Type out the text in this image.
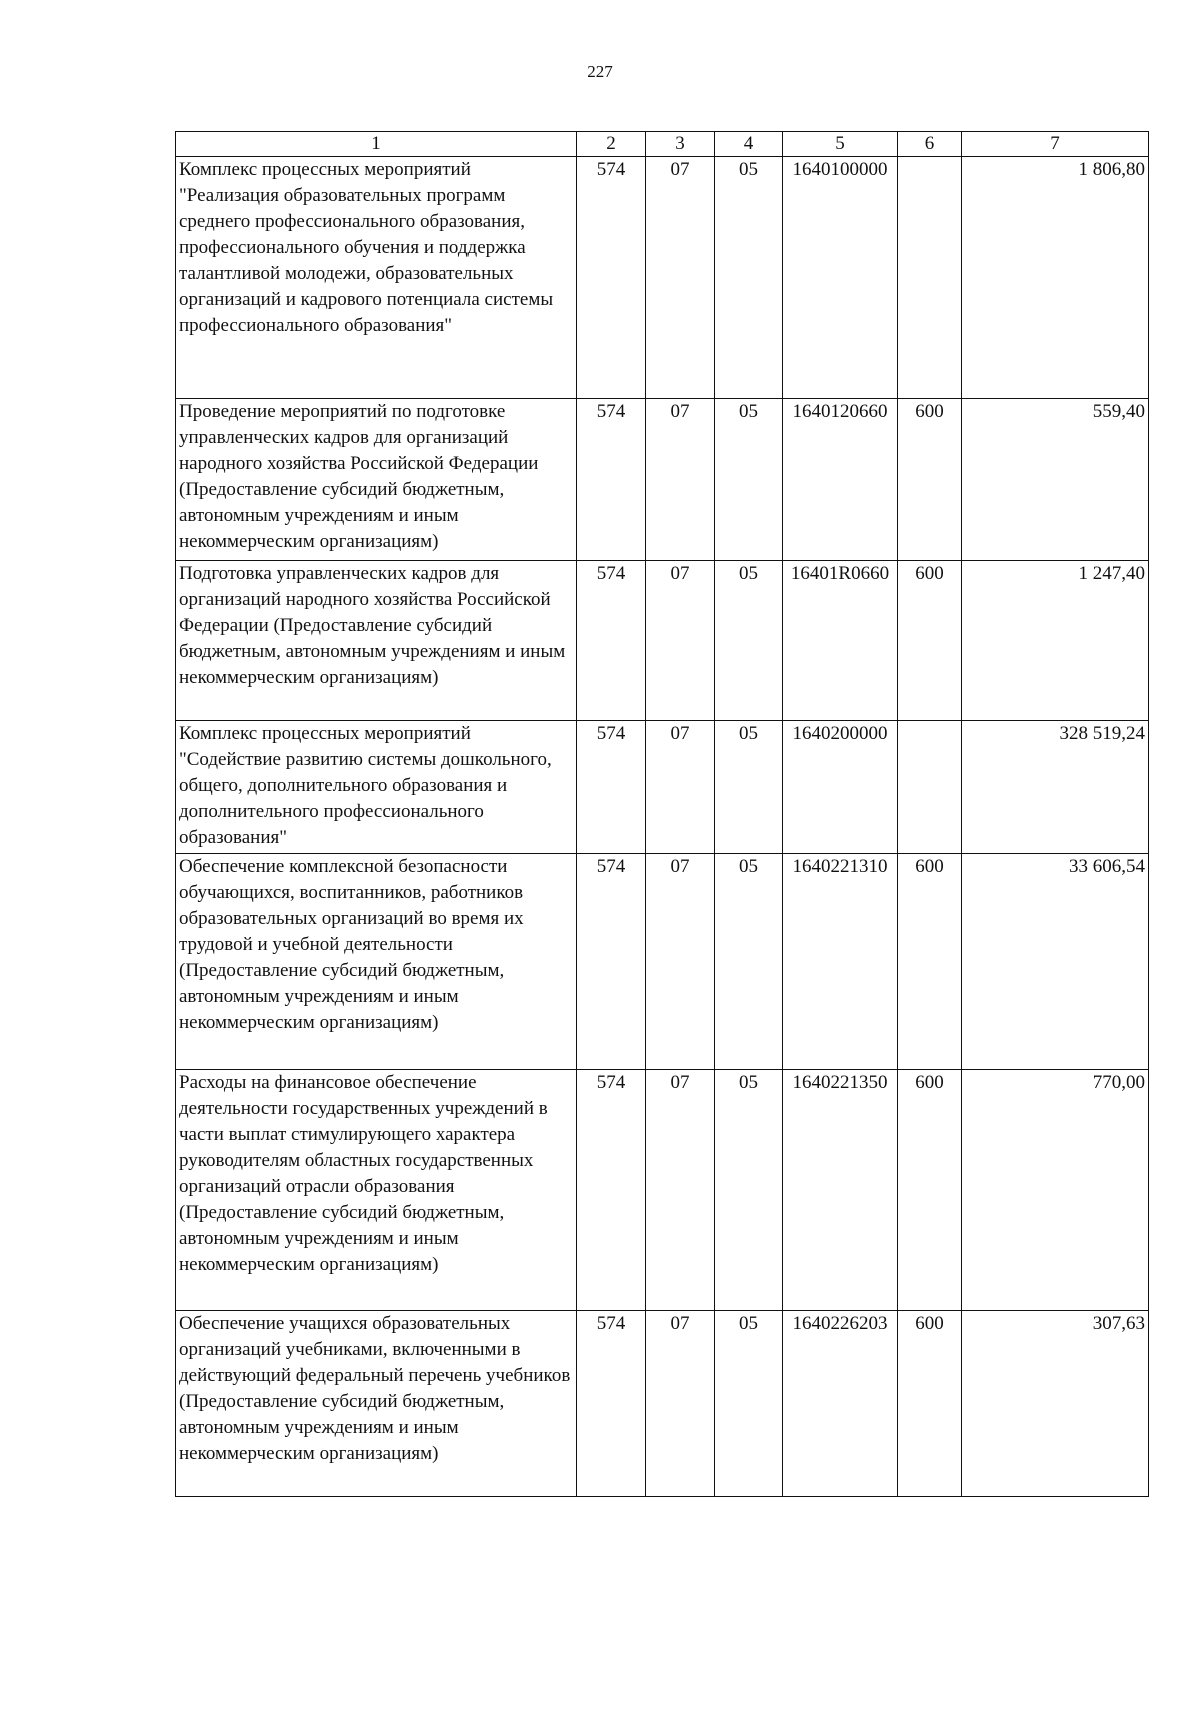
227
1	2	3	4	5	6	7
Комплекс процессных мероприятий "Реализация образовательных программ среднего профессионального образования, профессионального обучения и поддержка талантливой молодежи, образовательных организаций и кадрового потенциала системы профессионального образования"	574	07	05	1640100000		1 806,80
Проведение мероприятий по подготовке управленческих кадров для организаций народного хозяйства Российской Федерации (Предоставление субсидий бюджетным, автономным учреждениям и иным некоммерческим организациям)	574	07	05	1640120660	600	559,40
Подготовка управленческих кадров для организаций народного хозяйства Российской Федерации (Предоставление субсидий бюджетным, автономным учреждениям и иным некоммерческим организациям)	574	07	05	16401R0660	600	1 247,40
Комплекс процессных мероприятий "Содействие развитию системы дошкольного, общего, дополнительного образования и дополнительного профессионального образования"	574	07	05	1640200000		328 519,24
Обеспечение комплексной безопасности обучающихся, воспитанников, работников образовательных организаций во время их трудовой и учебной деятельности (Предоставление субсидий бюджетным, автономным учреждениям и иным некоммерческим организациям)	574	07	05	1640221310	600	33 606,54
Расходы на финансовое обеспечение деятельности государственных учреждений в части выплат стимулирующего характера руководителям областных государственных организаций отрасли образования (Предоставление субсидий бюджетным, автономным учреждениям и иным некоммерческим организациям)	574	07	05	1640221350	600	770,00
Обеспечение учащихся образовательных организаций учебниками, включенными в действующий федеральный перечень учебников (Предоставление субсидий бюджетным, автономным учреждениям и иным некоммерческим организациям)	574	07	05	1640226203	600	307,63
